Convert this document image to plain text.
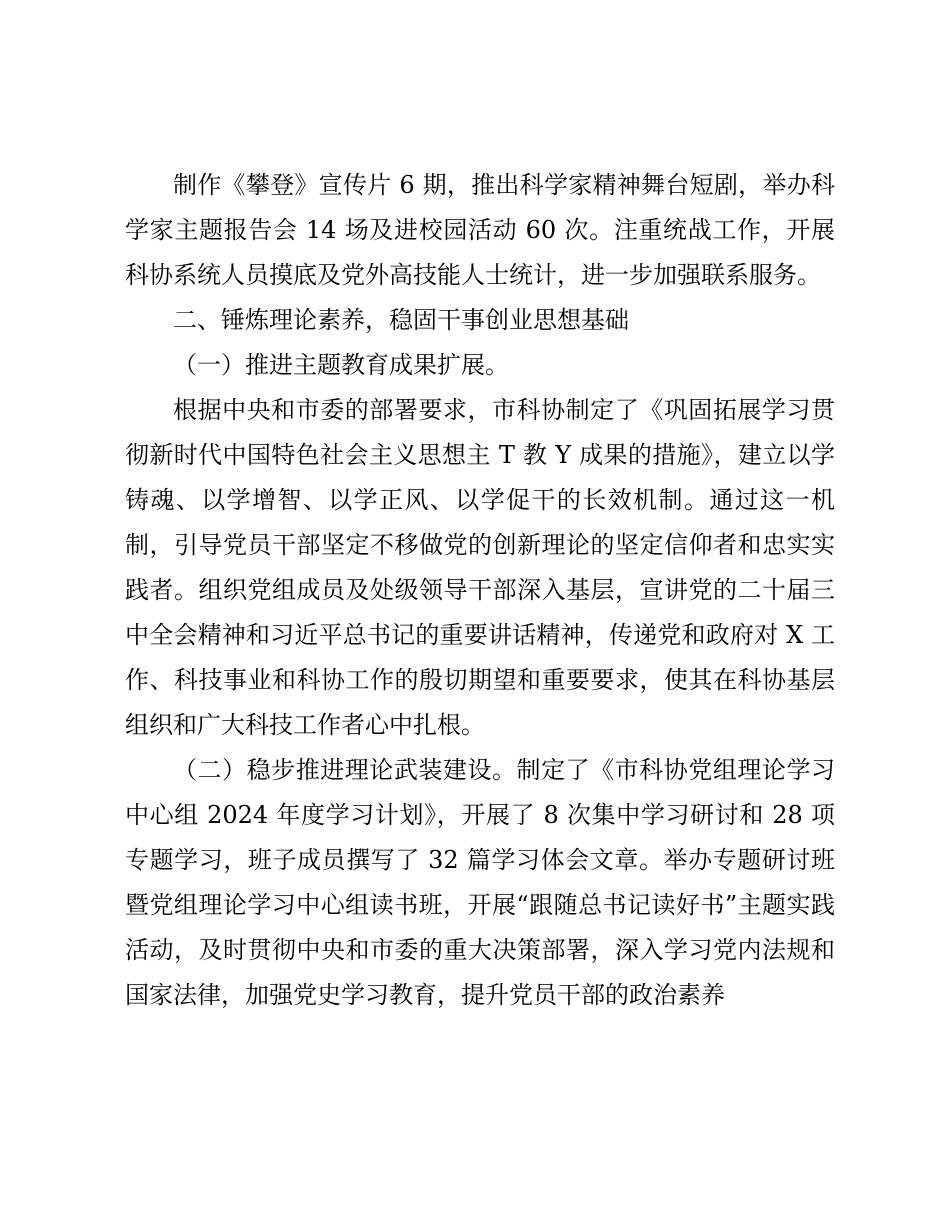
制作《攀登》宣传片 6 期，推出科学家精神舞台短剧，举办科学家主题报告会 14 场及进校园活动 60 次。注重统战工作，开展科协系统人员摸底及党外高技能人士统计，进一步加强联系服务。

二、锤炼理论素养，稳固干事创业思想基础

（一）推进主题教育成果扩展。

根据中央和市委的部署要求，市科协制定了《巩固拓展学习贯彻新时代中国特色社会主义思想主 T 教 Y 成果的措施》，建立以学铸魂、以学增智、以学正风、以学促干的长效机制。通过这一机制，引导党员干部坚定不移做党的创新理论的坚定信仰者和忠实实践者。组织党组成员及处级领导干部深入基层，宣讲党的二十届三中全会精神和习近平总书记的重要讲话精神，传递党和政府对 X 工作、科技事业和科协工作的殷切期望和重要要求，使其在科协基层组织和广大科技工作者心中扎根。

（二）稳步推进理论武装建设。制定了《市科协党组理论学习中心组 2024 年度学习计划》，开展了 8 次集中学习研讨和 28 项专题学习，班子成员撰写了 32 篇学习体会文章。举办专题研讨班暨党组理论学习中心组读书班，开展“跟随总书记读好书”主题实践活动，及时贯彻中央和市委的重大决策部署，深入学习党内法规和国家法律，加强党史学习教育，提升党员干部的政治素养
